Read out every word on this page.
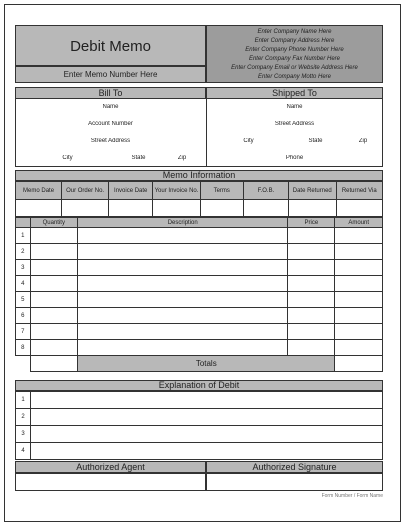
Debit Memo
Enter Memo Number Here
Enter Company Name Here
Enter Company Address Here
Enter Company Phone Number Here
Enter Company Fax Number Here
Enter Company Email or Website Address Here
Enter Company Motto Here
Bill To	Shipped To
Name
Account Number
Street Address
City	State	Zip
Name
Street Address
City	State	Zip
Phone
Memo Information
Memo Date	Our Order No.	Invoice Date	Your Invoice No.	Terms	F.O.B.	Date Returned	Returned Via

	Quantity	Description	Price	Amount
1				
2				
3				
4				
5				
6				
7				
8				
		Totals		
Explanation of Debit
1	
2	
3	
4	
Authorized Agent	Authorized Signature
Form Number / Form Name
